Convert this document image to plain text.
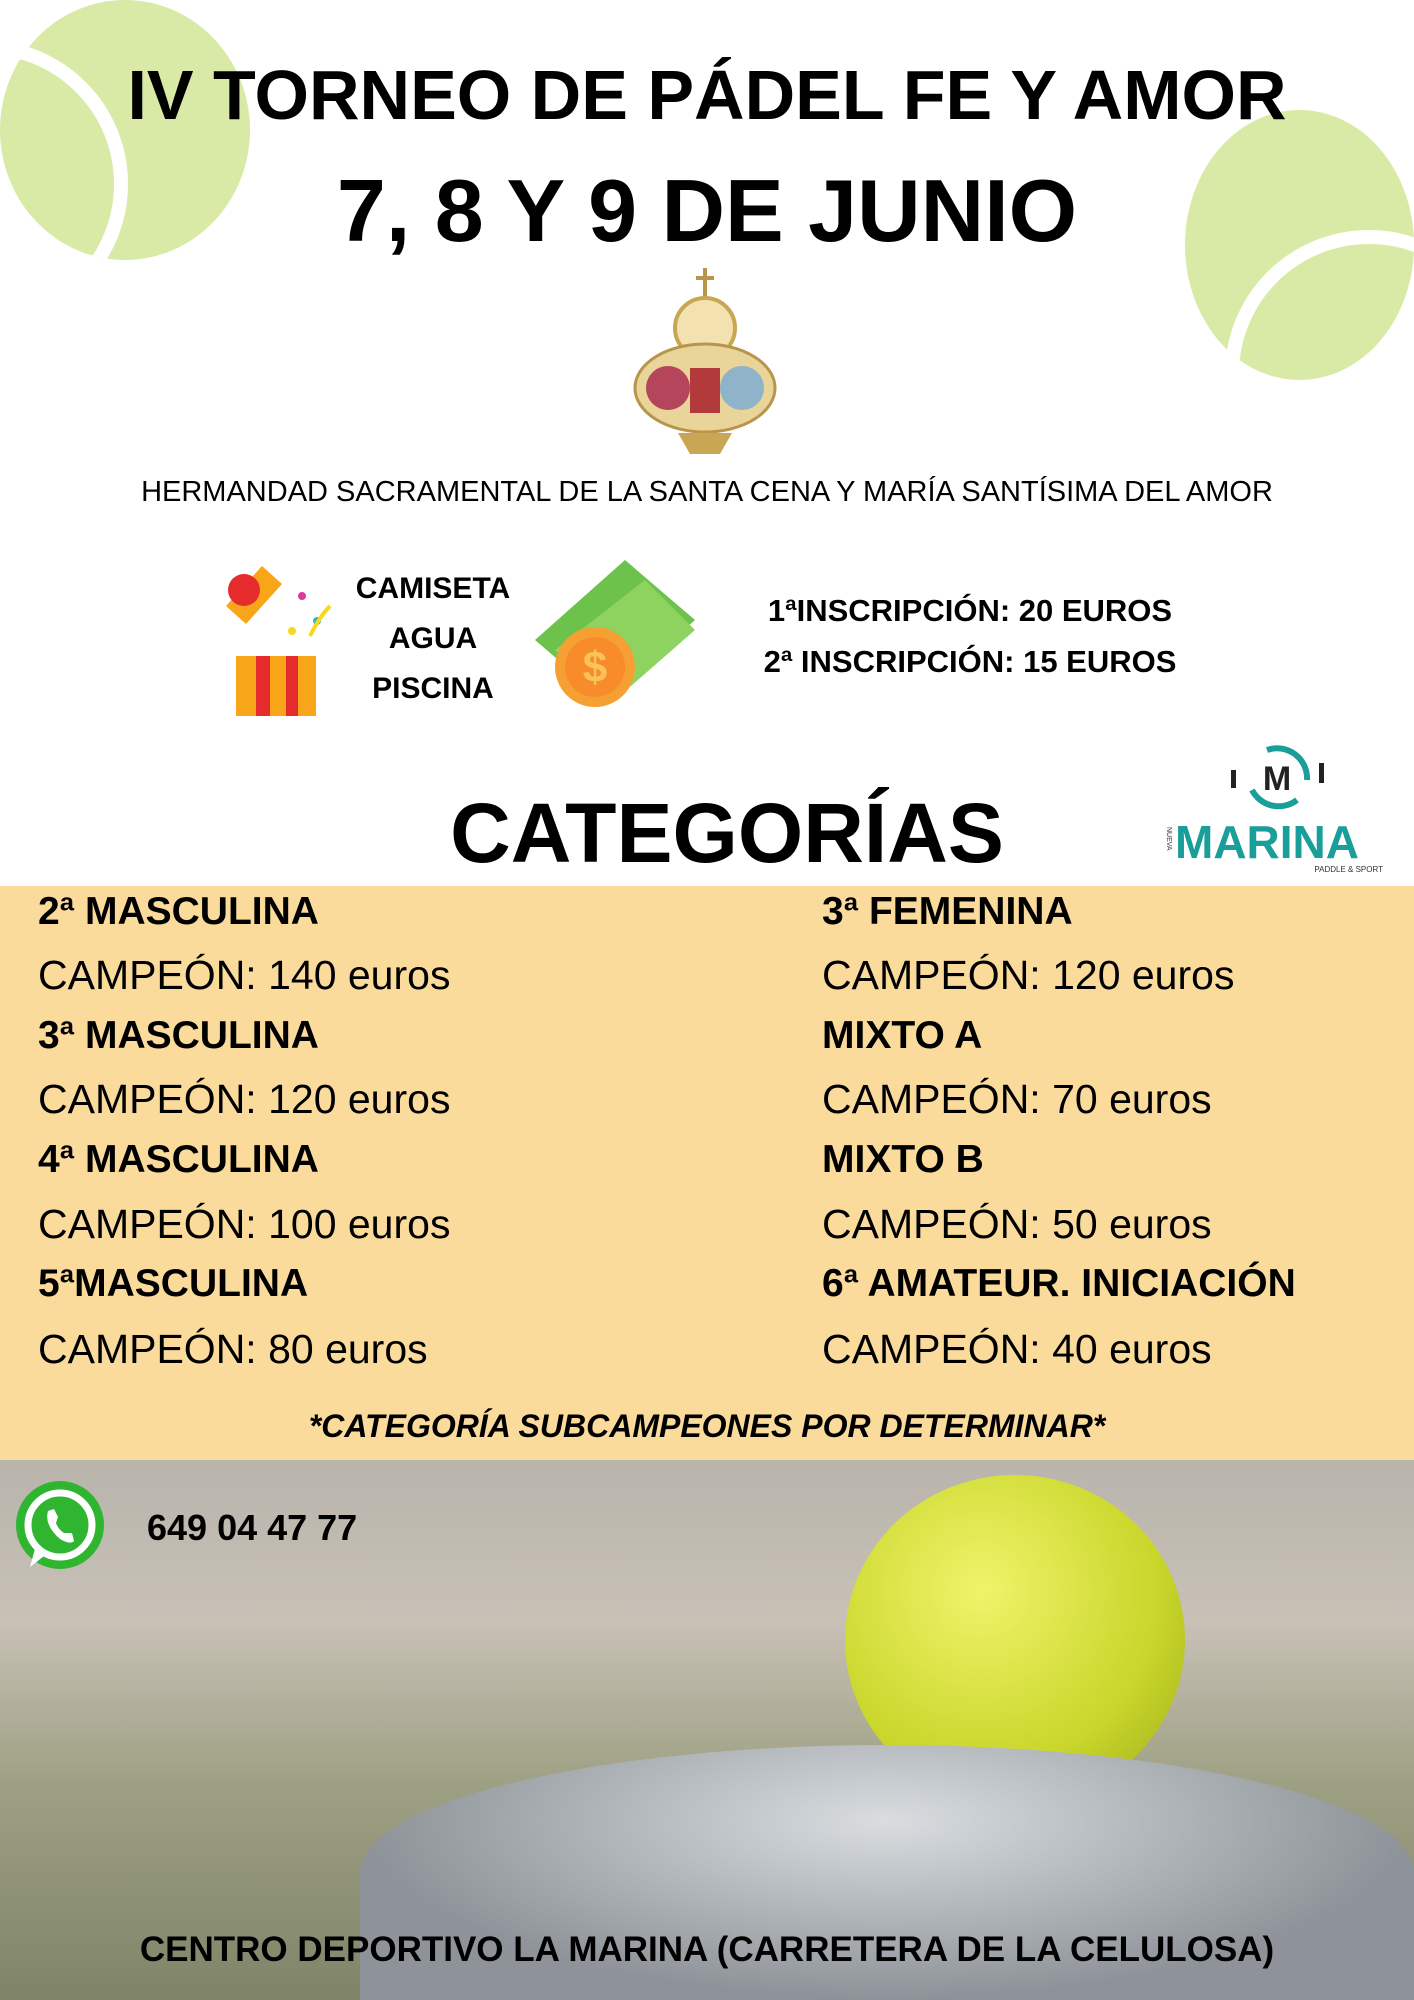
IV TORNEO DE PÁDEL FE Y AMOR
7, 8 Y 9 DE JUNIO
HERMANDAD SACRAMENTAL DE LA SANTA CENA Y MARÍA SANTÍSIMA DEL AMOR
CAMISETA
AGUA
PISCINA	$
1ªINSCRIPCIÓN: 20 EUROS
2ª INSCRIPCIÓN: 15 EUROS
CATEGORÍAS
M
NUEVA MARINA
PADDLE & SPORT
2ª MASCULINA
CAMPEÓN: 140 euros
3ª MASCULINA
CAMPEÓN: 120 euros
4ª MASCULINA
CAMPEÓN: 100 euros
5ªMASCULINA
CAMPEÓN: 80 euros
3ª FEMENINA
CAMPEÓN: 120 euros
MIXTO A
CAMPEÓN: 70 euros
MIXTO B
CAMPEÓN: 50 euros
6ª AMATEUR. INICIACIÓN
CAMPEÓN: 40 euros
*CATEGORÍA SUBCAMPEONES POR DETERMINAR*
649 04 47 77
CENTRO DEPORTIVO LA MARINA (CARRETERA DE LA CELULOSA)
